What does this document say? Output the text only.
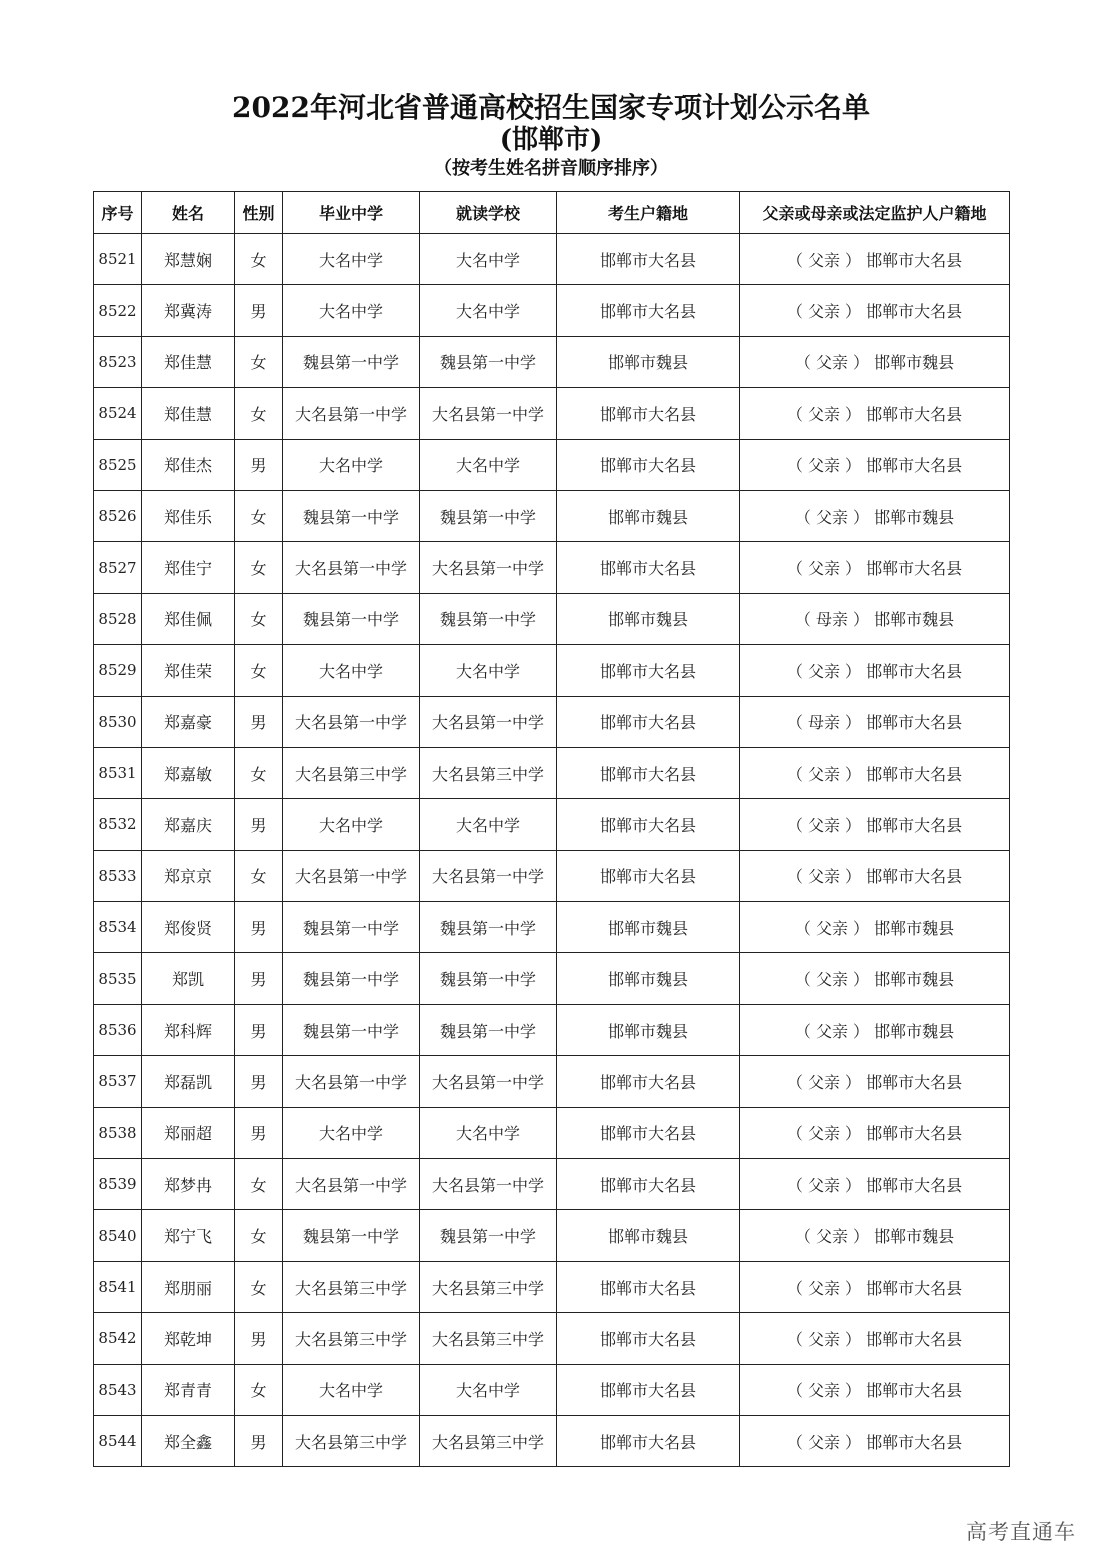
2022年河北省普通高校招生国家专项计划公示名单
(邯郸市)
（按考生姓名拼音顺序排序）
序号	姓名	性别	毕业中学	就读学校	考生户籍地	父亲或母亲或法定监护人户籍地
8521	郑慧娴	女	大名中学	大名中学	邯郸市大名县	（ 父亲 ） 邯郸市大名县
8522	郑冀涛	男	大名中学	大名中学	邯郸市大名县	（ 父亲 ） 邯郸市大名县
8523	郑佳慧	女	魏县第一中学	魏县第一中学	邯郸市魏县	（ 父亲 ） 邯郸市魏县
8524	郑佳慧	女	大名县第一中学	大名县第一中学	邯郸市大名县	（ 父亲 ） 邯郸市大名县
8525	郑佳杰	男	大名中学	大名中学	邯郸市大名县	（ 父亲 ） 邯郸市大名县
8526	郑佳乐	女	魏县第一中学	魏县第一中学	邯郸市魏县	（ 父亲 ） 邯郸市魏县
8527	郑佳宁	女	大名县第一中学	大名县第一中学	邯郸市大名县	（ 父亲 ） 邯郸市大名县
8528	郑佳佩	女	魏县第一中学	魏县第一中学	邯郸市魏县	（ 母亲 ） 邯郸市魏县
8529	郑佳荣	女	大名中学	大名中学	邯郸市大名县	（ 父亲 ） 邯郸市大名县
8530	郑嘉豪	男	大名县第一中学	大名县第一中学	邯郸市大名县	（ 母亲 ） 邯郸市大名县
8531	郑嘉敏	女	大名县第三中学	大名县第三中学	邯郸市大名县	（ 父亲 ） 邯郸市大名县
8532	郑嘉庆	男	大名中学	大名中学	邯郸市大名县	（ 父亲 ） 邯郸市大名县
8533	郑京京	女	大名县第一中学	大名县第一中学	邯郸市大名县	（ 父亲 ） 邯郸市大名县
8534	郑俊贤	男	魏县第一中学	魏县第一中学	邯郸市魏县	（ 父亲 ） 邯郸市魏县
8535	郑凯	男	魏县第一中学	魏县第一中学	邯郸市魏县	（ 父亲 ） 邯郸市魏县
8536	郑科辉	男	魏县第一中学	魏县第一中学	邯郸市魏县	（ 父亲 ） 邯郸市魏县
8537	郑磊凯	男	大名县第一中学	大名县第一中学	邯郸市大名县	（ 父亲 ） 邯郸市大名县
8538	郑丽超	男	大名中学	大名中学	邯郸市大名县	（ 父亲 ） 邯郸市大名县
8539	郑梦冉	女	大名县第一中学	大名县第一中学	邯郸市大名县	（ 父亲 ） 邯郸市大名县
8540	郑宁飞	女	魏县第一中学	魏县第一中学	邯郸市魏县	（ 父亲 ） 邯郸市魏县
8541	郑朋丽	女	大名县第三中学	大名县第三中学	邯郸市大名县	（ 父亲 ） 邯郸市大名县
8542	郑乾坤	男	大名县第三中学	大名县第三中学	邯郸市大名县	（ 父亲 ） 邯郸市大名县
8543	郑青青	女	大名中学	大名中学	邯郸市大名县	（ 父亲 ） 邯郸市大名县
8544	郑全鑫	男	大名县第三中学	大名县第三中学	邯郸市大名县	（ 父亲 ） 邯郸市大名县
高考直通车
